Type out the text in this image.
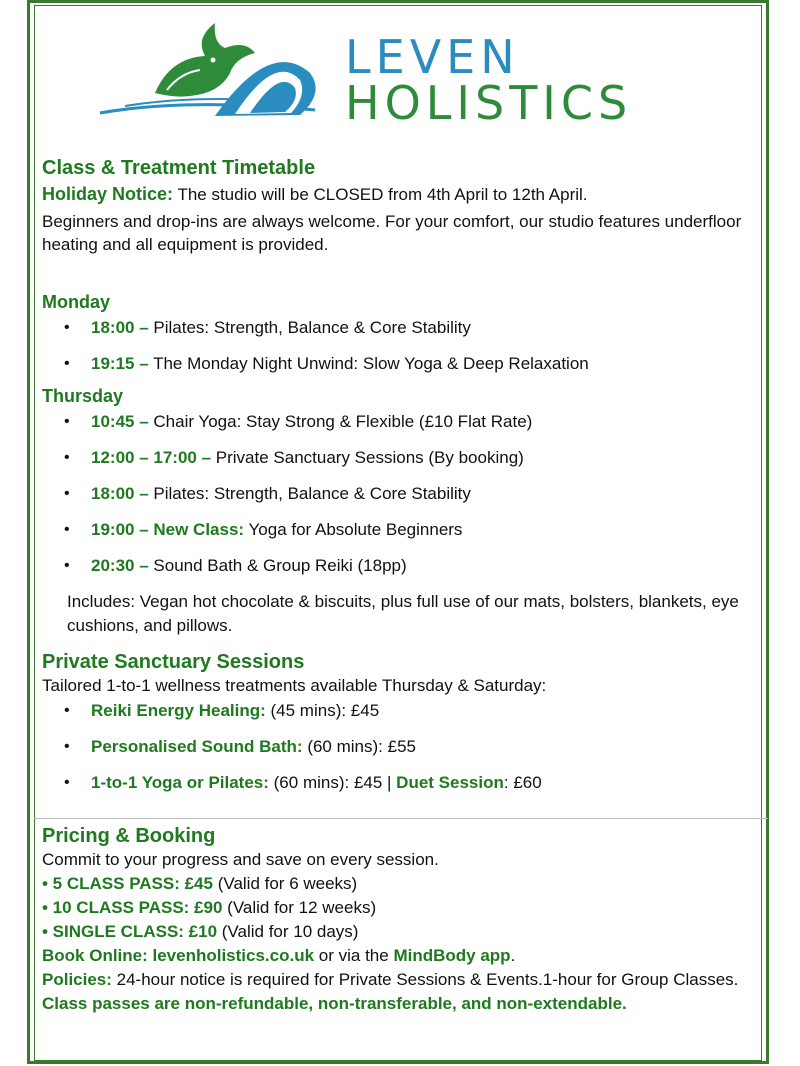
LEVEN
HOLISTICS
Class & Treatment Timetable

Holiday Notice: The studio will be CLOSED from 4th April to 12th April.

Beginners and drop-ins are always welcome. For your comfort, our studio features underfloor heating and all equipment is provided.

Monday
• 18:00 – Pilates: Strength, Balance & Core Stability
• 19:15 – The Monday Night Unwind: Slow Yoga & Deep Relaxation
Thursday
• 10:45 – Chair Yoga: Stay Strong & Flexible (£10 Flat Rate)
• 12:00 – 17:00 – Private Sanctuary Sessions (By booking)
• 18:00 – Pilates: Strength, Balance & Core Stability
• 19:00 – New Class: Yoga for Absolute Beginners
• 20:30 – Sound Bath & Group Reiki (18pp)
Includes: Vegan hot chocolate & biscuits, plus full use of our mats, bolsters, blankets, eye cushions, and pillows.
Private Sanctuary Sessions

Tailored 1-to-1 wellness treatments available Thursday & Saturday:

• Reiki Energy Healing: (45 mins): £45
• Personalised Sound Bath: (60 mins): £55
• 1-to-1 Yoga or Pilates: (60 mins): £45 | Duet Session: £60
Pricing & Booking
Commit to your progress and save on every session.
• 5 CLASS PASS: £45 (Valid for 6 weeks)
• 10 CLASS PASS: £90 (Valid for 12 weeks)
• SINGLE CLASS: £10 (Valid for 10 days)
Book Online: levenholistics.co.uk or via the MindBody app.
Policies: 24-hour notice is required for Private Sessions & Events.1-hour for Group Classes.
Class passes are non-refundable, non-transferable, and non-extendable.
